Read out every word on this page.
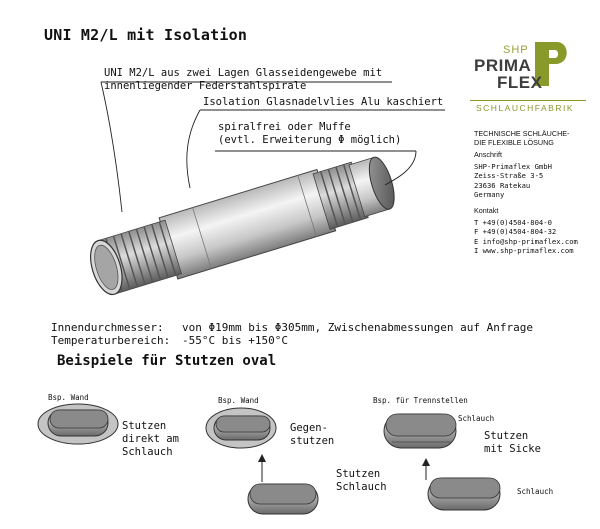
UNI M2/L mit Isolation
UNI M2/L aus zwei Lagen Glasseidengewebe mit
innenliegender Federstahlspirale
Isolation Glasnadelvlies Alu kaschiert
spiralfrei oder Muffe
(evtl. Erweiterung Φ möglich)
SHP
PRIMA
FLEX
SCHLAUCHFABRIK
TECHNISCHE SCHLÄUCHE-
DIE FLEXIBLE LÖSUNG
Anschrift
SHP-Primaflex GmbH
Zeiss-Straße 3-5
23636 Ratekau
Germany
Kontakt
T +49(0)4504-804-0
F +49(0)4504-804-32
E info@shp-primaflex.com
I www.shp-primaflex.com
Innendurchmesser:	von Φ19mm bis Φ305mm, Zwischenabmessungen auf Anfrage
Temperaturbereich:	-55°C bis +150°C
Beispiele für Stutzen oval
Bsp. Wand
Stutzen
direkt am
Schlauch
Bsp. Wand
Gegen-
stutzen
Stutzen
Schlauch
Bsp. für Trennstellen
Schlauch
Stutzen
mit Sicke
Schlauch
